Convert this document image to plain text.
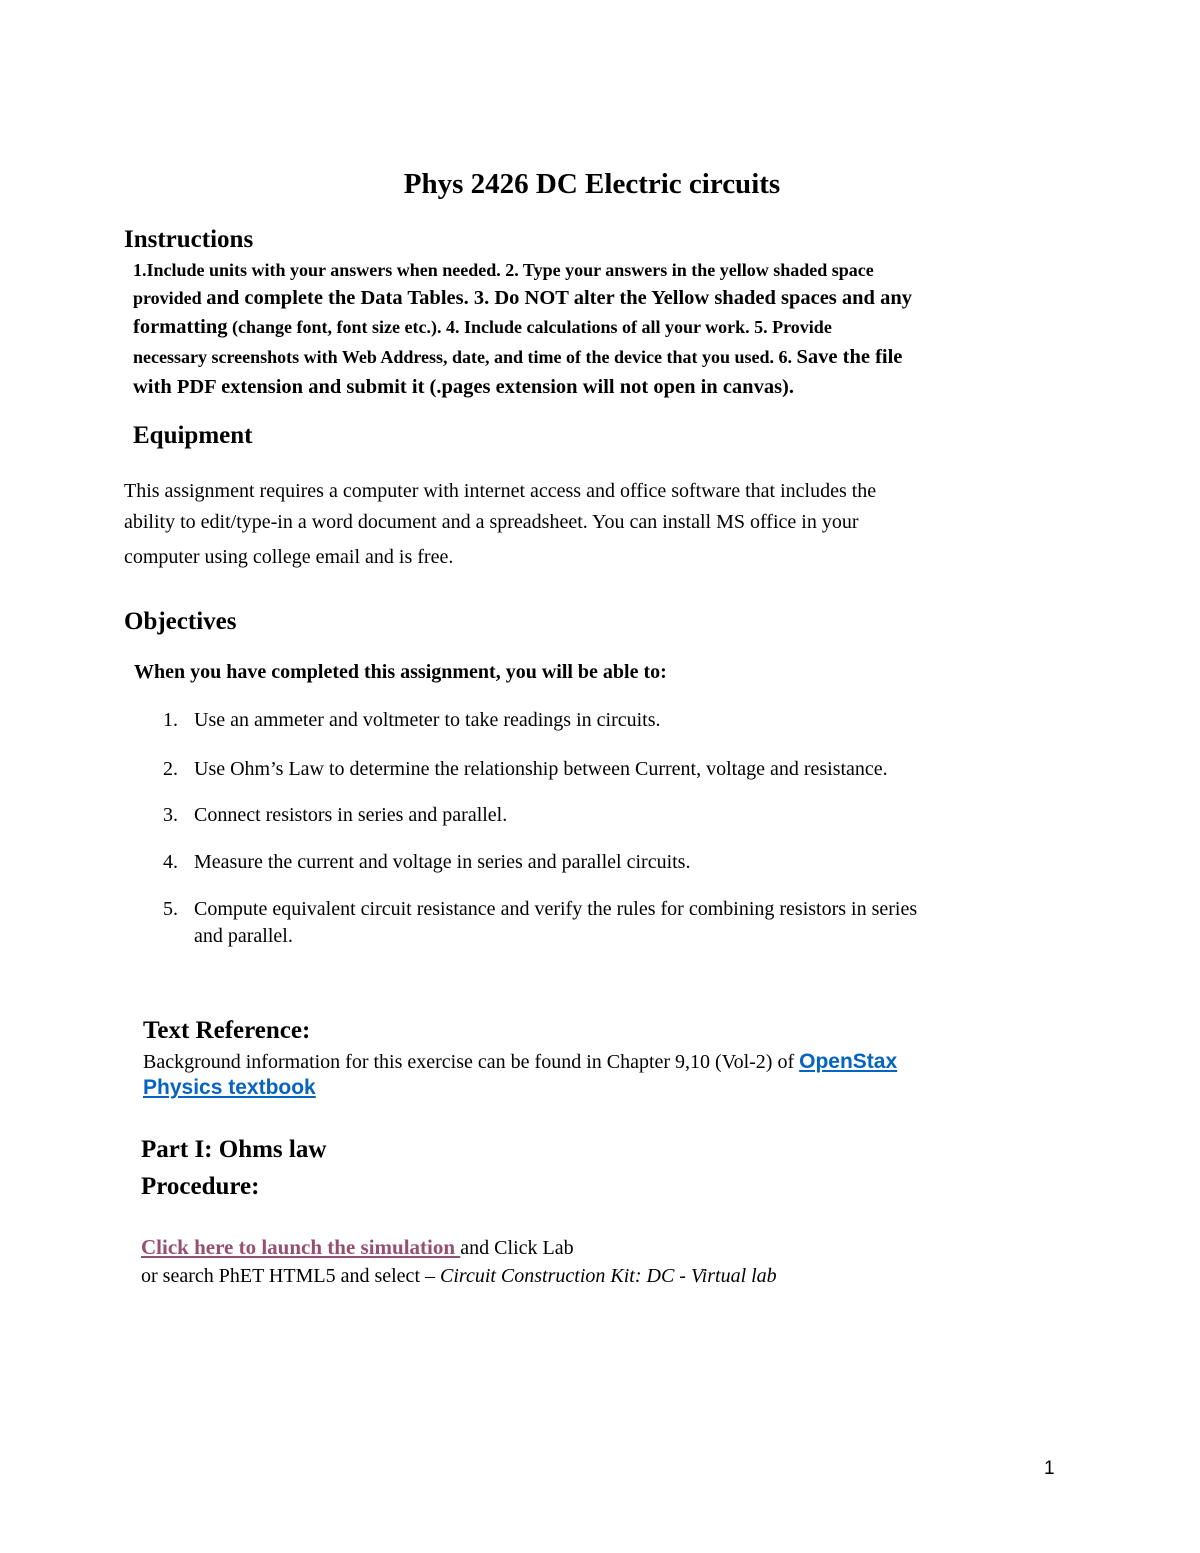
Phys 2426 DC Electric circuits
Instructions
1.Include units with your answers when needed. 2. Type your answers in the yellow shaded space
provided and complete the Data Tables. 3. Do NOT alter the Yellow shaded spaces and any
formatting (change font, font size etc.). 4. Include calculations of all your work. 5. Provide
necessary screenshots with Web Address, date, and time of the device that you used. 6. Save the file
with PDF extension and submit it (.pages extension will not open in canvas).
Equipment
This assignment requires a computer with internet access and office software that includes the
ability to edit/type-in a word document and a spreadsheet. You can install MS office in your
computer using college email and is free.
Objectives
When you have completed this assignment, you will be able to:
1. Use an ammeter and voltmeter to take readings in circuits.
2. Use Ohm’s Law to determine the relationship between Current, voltage and resistance.
3. Connect resistors in series and parallel.
4. Measure the current and voltage in series and parallel circuits.
5. Compute equivalent circuit resistance and verify the rules for combining resistors in series
and parallel.
Text Reference:
Background information for this exercise can be found in Chapter 9,10 (Vol-2) of OpenStax
Physics textbook
Part I: Ohms law
Procedure:
Click here to launch the simulation and Click Lab
or search PhET HTML5 and select – Circuit Construction Kit: DC - Virtual lab
1
